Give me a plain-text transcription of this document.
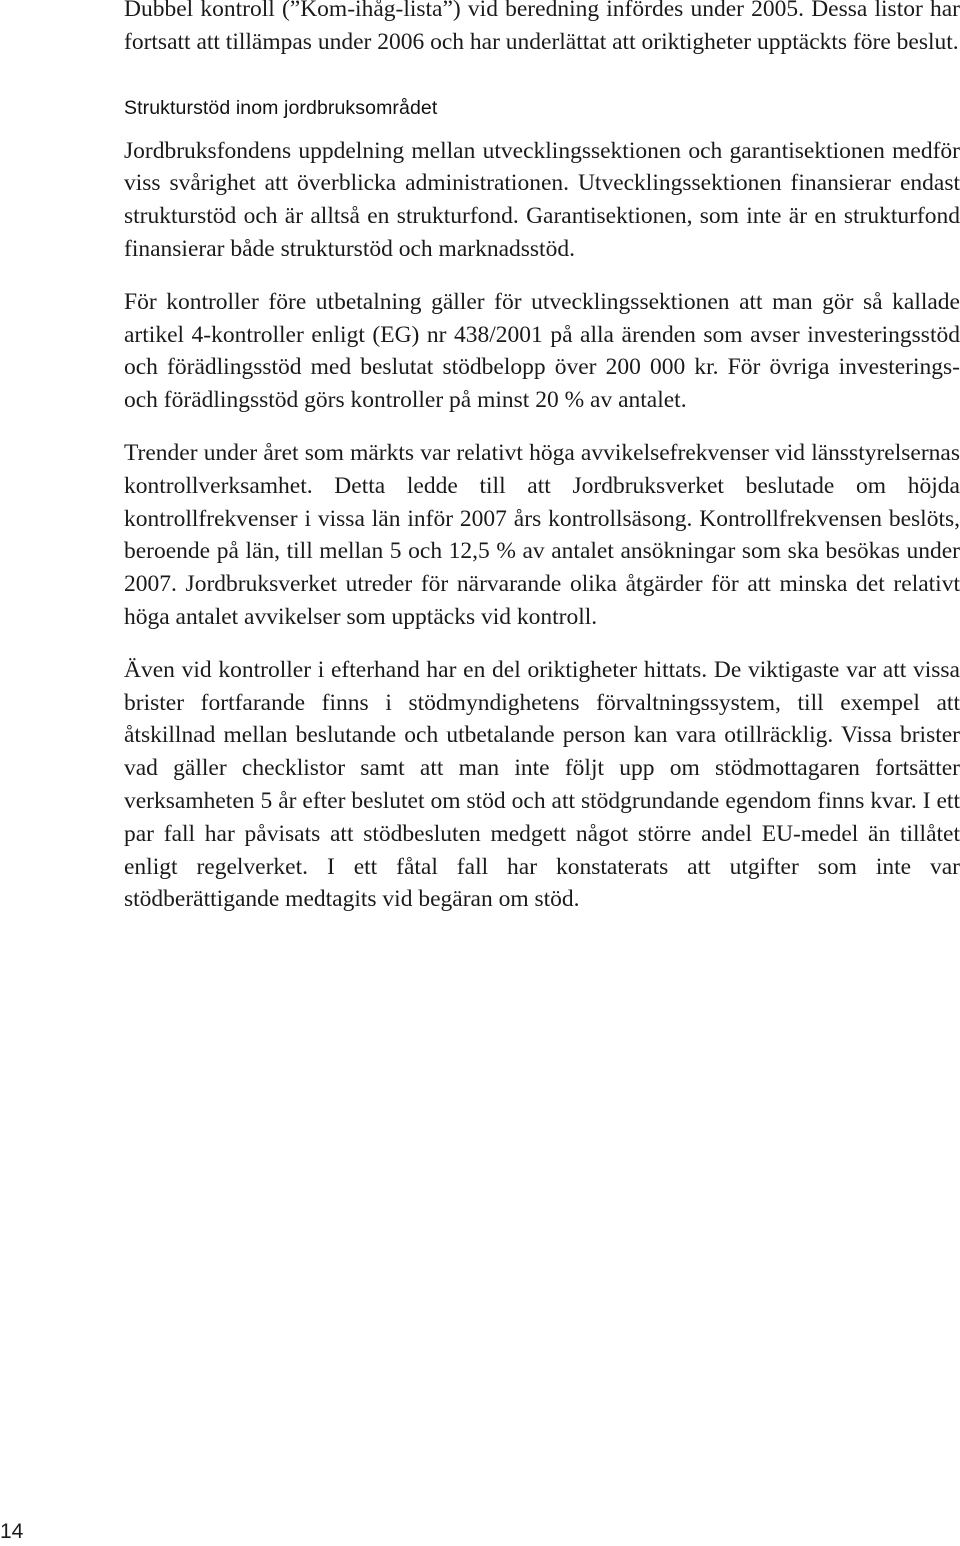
Dubbel kontroll (”Kom-ihåg-lista”) vid beredning infördes under 2005. Dessa listor har fortsatt att tillämpas under 2006 och har underlättat att oriktigheter upptäckts före beslut.

Strukturstöd inom jordbruksområdet

Jordbruksfondens uppdelning mellan utvecklingssektionen och garantisektionen medför viss svårighet att överblicka administrationen. Utvecklingssektionen finansierar endast strukturstöd och är alltså en strukturfond. Garantisektionen, som inte är en strukturfond finansierar både strukturstöd och marknadsstöd.

För kontroller före utbetalning gäller för utvecklingssektionen att man gör så kallade artikel 4-kontroller enligt (EG) nr 438/2001 på alla ärenden som avser investeringsstöd och förädlingsstöd med beslutat stödbelopp över 200 000 kr. För övriga investerings- och förädlingsstöd görs kontroller på minst 20 % av antalet.

Trender under året som märkts var relativt höga avvikelsefrekvenser vid länsstyrelsernas kontrollverksamhet. Detta ledde till att Jordbruksverket beslutade om höjda kontrollfrekvenser i vissa län inför 2007 års kontrollsäsong. Kontrollfrekvensen beslöts, beroende på län, till mellan 5 och 12,5 % av antalet ansökningar som ska besökas under 2007. Jordbruksverket utreder för närvarande olika åtgärder för att minska det relativt höga antalet avvikelser som upptäcks vid kontroll.

Även vid kontroller i efterhand har en del oriktigheter hittats. De viktigaste var att vissa brister fortfarande finns i stödmyndighetens förvaltningssystem, till exempel att åtskillnad mellan beslutande och utbetalande person kan vara otillräcklig. Vissa brister vad gäller checklistor samt att man inte följt upp om stödmottagaren fortsätter verksamheten 5 år efter beslutet om stöd och att stödgrundande egendom finns kvar. I ett par fall har påvisats att stödbesluten medgett något större andel EU-medel än tillåtet enligt regelverket. I ett fåtal fall har konstaterats att utgifter som inte var stödberättigande medtagits vid begäran om stöd.

14
